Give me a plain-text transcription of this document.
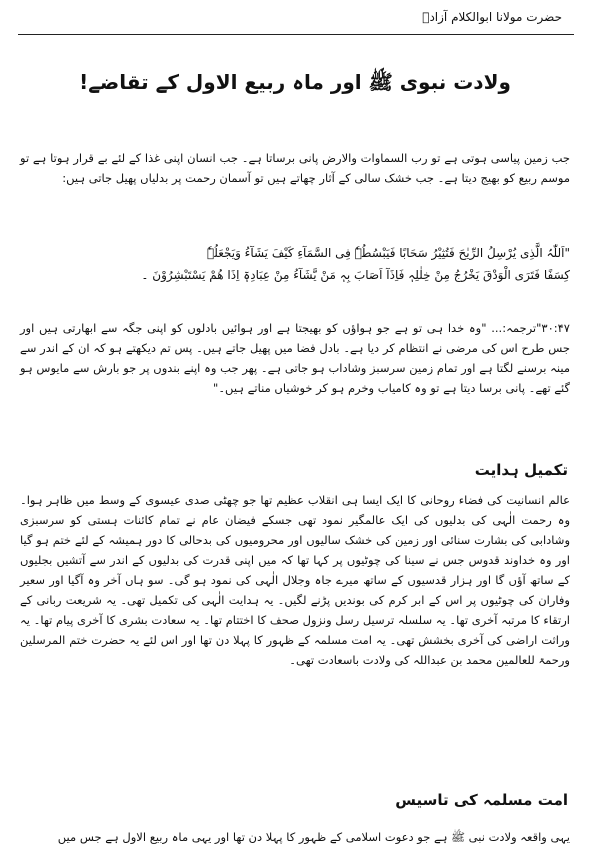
حضرت مولانا ابوالکلام آزادؒ
ولادت نبوی ﷺ اور ماہ ربیع الاول کے تقاضے!

جب زمین پیاسی ہوتی ہے تو رب السماوات والارض پانی برساتا ہے۔ جب انسان اپنی غذا کے لئے بے قرار ہوتا ہے تو موسم ربیع کو بھیج دیتا ہے۔ جب خشک سالی کے آثار چھاتے ہیں تو آسمان رحمت پر بدلیاں پھیل جاتی ہیں:

"اَللّٰہُ الَّذِی یُرْسِلُ الرِّیٰحَ فَتُثِیْرُ سَحَابًا فَیَبْسُطُہٗ فِی السَّمَآءِ کَیْفَ یَشَآءُ وَیَجْعَلُہٗ
کِسَفًا فَتَرَی الْوَدْقَ یَخْرُجُ مِنْ خِلٰلِہٖ فَاِذَآ اَصَابَ بِہٖ مَنْ یَّشَآءُ مِنْ عِبَادِہٖٓ اِذَا ھُمْ یَسْتَبْشِرُوْنَ ۔

۳۰:۴۷"ترجمہ:... "وہ خدا ہی تو ہے جو ہواؤں کو بھیجتا ہے اور ہوائیں بادلوں کو اپنی جگہ سے ابھارتی ہیں اور جس طرح اس کی مرضی نے انتظام کر دیا ہے۔ بادل فضا میں پھیل جاتے ہیں۔ پس تم دیکھتے ہو کہ ان کے اندر سے مینہ برسنے لگتا ہے اور تمام زمین سرسبز وشاداب ہو جاتی ہے۔ پھر جب وہ اپنے بندوں پر جو بارش سے مایوس ہو گئے تھے۔ پانی برسا دیتا ہے تو وہ کامیاب وخرم ہو کر خوشیاں مناتے ہیں۔"

تکمیل ہدایت

عالم انسانیت کی فضاء روحانی کا ایک ایسا ہی انقلاب عظیم تھا جو چھٹی صدی عیسوی کے وسط میں ظاہر ہوا۔ وہ رحمت الٰہی کی بدلیوں کی ایک عالمگیر نمود تھی جسکے فیضان عام نے تمام کائنات ہستی کو سرسبزی وشادابی کی بشارت سنائی اور زمین کی خشک سالیوں اور محرومیوں کی بدحالی کا دور ہمیشہ کے لئے ختم ہو گیا اور وہ خداوند قدوس جس نے سینا کی چوٹیوں پر کہا تھا کہ میں اپنی قدرت کی بدلیوں کے اندر سے آتشیں بجلیوں کے ساتھ آؤں گا اور ہزار قدسیوں کے ساتھ میرے جاہ وجلال الٰہی کی نمود ہو گی۔ سو ہاں آخر وہ آگیا اور سعیر وفاران کی چوٹیوں پر اس کے ابر کرم کی بوندیں پڑنے لگیں۔ یہ ہدایت الٰہی کی تکمیل تھی۔ یہ شریعت ربانی کے ارتقاء کا مرتبہ آخری تھا۔ یہ سلسلہ ترسیل رسل ونزول صحف کا اختتام تھا۔ یہ سعادت بشری کا آخری پیام تھا۔ یہ وراثت اراضی کی آخری بخشش تھی۔ یہ امت مسلمہ کے ظہور کا پہلا دن تھا اور اس لئے یہ حضرت ختم المرسلین ورحمۃ للعالمین محمد بن عبداللہ کی ولادت باسعادت تھی۔

امت مسلمہ کی تاسیس

یہی واقعہ ولادت نبی ﷺ ہے جو دعوت اسلامی کے ظہور کا پہلا دن تھا اور یہی ماہ ربیع الاول ہے جس میں
